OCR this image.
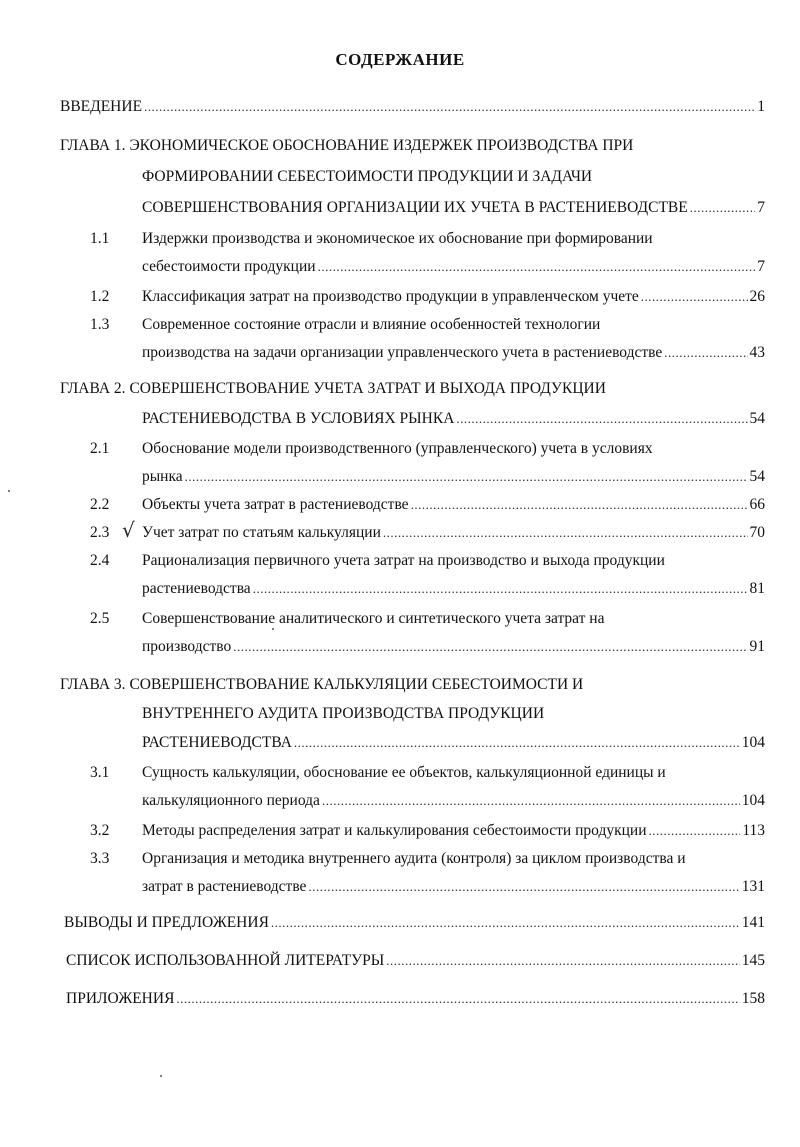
СОДЕРЖАНИЕ
ВВЕДЕНИЕ .....	1
ГЛАВА 1. ЭКОНОМИЧЕСКОЕ ОБОСНОВАНИЕ ИЗДЕРЖЕК ПРОИЗВОДСТВА ПРИ
ФОРМИРОВАНИИ СЕБЕСТОИМОСТИ ПРОДУКЦИИ И ЗАДАЧИ
СОВЕРШЕНСТВОВАНИЯ ОРГАНИЗАЦИИ ИХ УЧЕТА В РАСТЕНИЕВОДСТВЕ .....	7
1.1 Издержки производства и экономическое их обоснование при формировании
себестоимости продукции .....	7
1.2 Классификация затрат на производство продукции в управленческом учете .....	26
1.3 Современное состояние отрасли и влияние особенностей технологии
производства на задачи организации управленческого учета в растениеводстве .....	43
ГЛАВА 2. СОВЕРШЕНСТВОВАНИЕ УЧЕТА ЗАТРАТ И ВЫХОДА ПРОДУКЦИИ
РАСТЕНИЕВОДСТВА В УСЛОВИЯХ РЫНКА .....	54
2.1 Обоснование модели производственного (управленческого) учета в условиях
рынка .....	54
2.2 Объекты учета затрат в растениеводстве .....	66
2.3 √ Учет затрат по статьям калькуляции .....	70
2.4 Рационализация первичного учета затрат на производство и выхода продукции
растениеводства .....	81
2.5 Совершенствование аналитического и синтетического учета затрат на
производство .....	91
ГЛАВА 3. СОВЕРШЕНСТВОВАНИЕ КАЛЬКУЛЯЦИИ СЕБЕСТОИМОСТИ И
ВНУТРЕННЕГО АУДИТА ПРОИЗВОДСТВА ПРОДУКЦИИ
РАСТЕНИЕВОДСТВА .....	104
3.1 Сущность калькуляции, обоснование ее объектов, калькуляционной единицы и
калькуляционного периода .....	104
3.2 Методы распределения затрат и калькулирования себестоимости продукции .....	113
3.3 Организация и методика внутреннего аудита (контроля) за циклом производства и
затрат в растениеводстве .....	131
ВЫВОДЫ И ПРЕДЛОЖЕНИЯ .....	141
СПИСОК ИСПОЛЬЗОВАННОЙ ЛИТЕРАТУРЫ .....	145
ПРИЛОЖЕНИЯ .....	158
